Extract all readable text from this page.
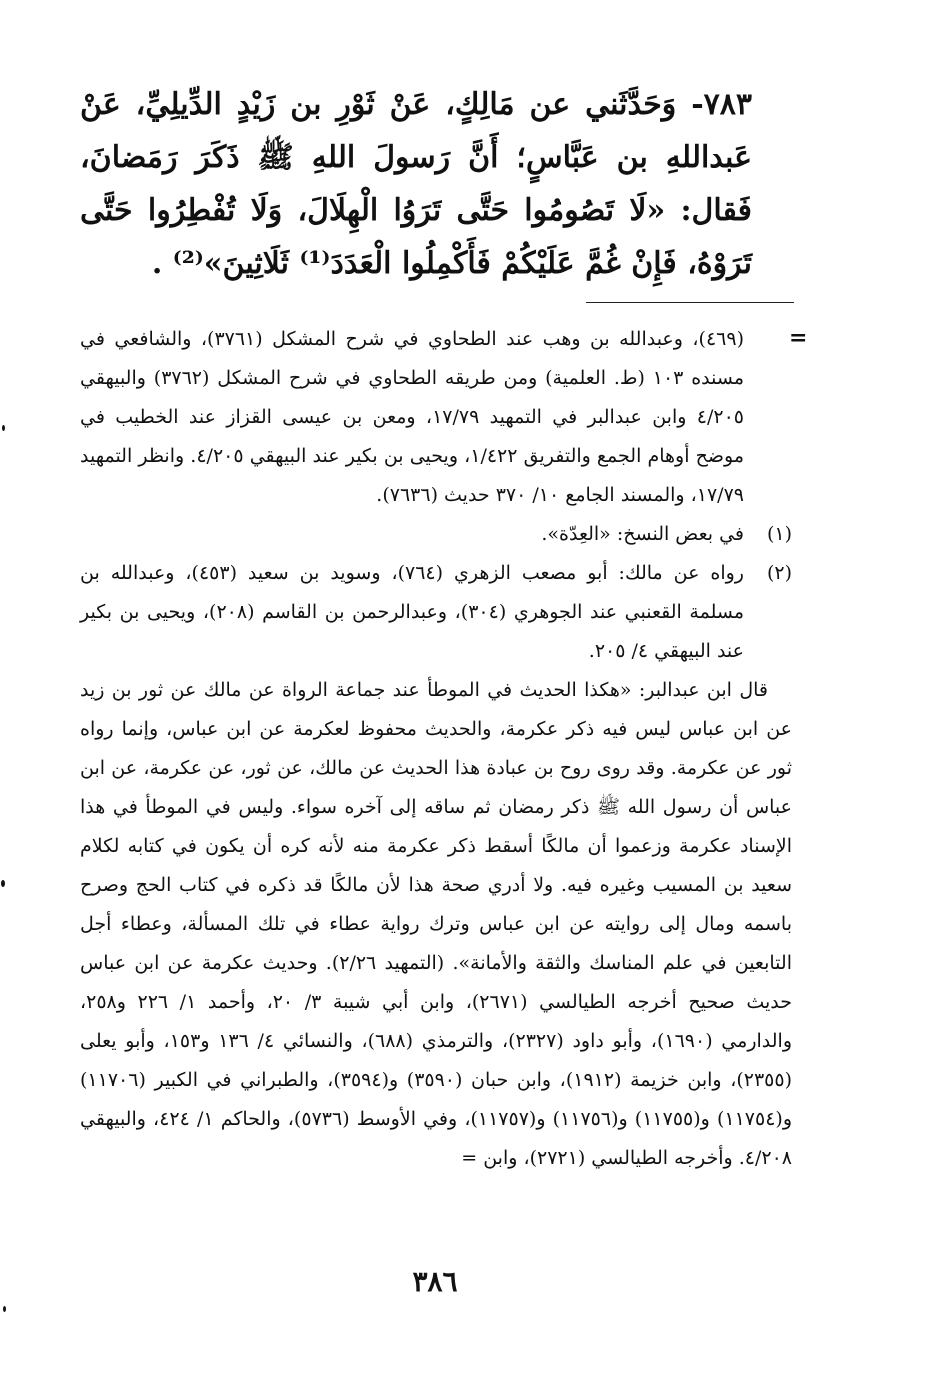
٧٨٣- وَحَدَّثَني عن مَالِكٍ، عَنْ ثَوْرِ بن زَيْدٍ الدِّيلِيِّ، عَنْ عَبداللهِ بن عَبَّاسٍ؛ أَنَّ رَسولَ اللهِ ﷺ ذَكَرَ رَمَضانَ، فَقال: «لَا تَصُومُوا حَتَّى تَرَوُا الْهِلَالَ، وَلَا تُفْطِرُوا حَتَّى تَرَوْهُ، فَإِنْ غُمَّ عَلَيْكُمْ فَأَكْمِلُوا الْعَدَدَ⁽¹⁾ ثَلَاثِينَ»⁽²⁾ .
=
(٤٦٩)، وعبدالله بن وهب عند الطحاوي في شرح المشكل (٣٧٦١)، والشافعي في مسنده ١٠٣ (ط. العلمية) ومن طريقه الطحاوي في شرح المشكل (٣٧٦٢) والبيهقي ٤/٢٠٥ وابن عبدالبر في التمهيد ١٧/٧٩، ومعن بن عيسى القزاز عند الخطيب في موضح أوهام الجمع والتفريق ١/٤٢٢، ويحيى بن بكير عند البيهقي ٤/٢٠٥. وانظر التمهيد ١٧/٧٩، والمسند الجامع ١٠/ ٣٧٠ حديث (٧٦٣٦).
(١)
في بعض النسخ: «العِدّة».
(٢)
رواه عن مالك: أبو مصعب الزهري (٧٦٤)، وسويد بن سعيد (٤٥٣)، وعبدالله بن مسلمة القعنبي عند الجوهري (٣٠٤)، وعبدالرحمن بن القاسم (٢٠٨)، ويحيى بن بكير عند البيهقي ٤/ ٢٠٥.
قال ابن عبدالبر: «هكذا الحديث في الموطأ عند جماعة الرواة عن مالك عن ثور بن زيد عن ابن عباس ليس فيه ذكر عكرمة، والحديث محفوظ لعكرمة عن ابن عباس، وإنما رواه ثور عن عكرمة. وقد روى روح بن عبادة هذا الحديث عن مالك، عن ثور، عن عكرمة، عن ابن عباس أن رسول الله ﷺ ذكر رمضان ثم ساقه إلى آخره سواء. وليس في الموطأ في هذا الإسناد عكرمة وزعموا أن مالكًا أسقط ذكر عكرمة منه لأنه كره أن يكون في كتابه لكلام سعيد بن المسيب وغيره فيه. ولا أدري صحة هذا لأن مالكًا قد ذكره في كتاب الحج وصرح باسمه ومال إلى روايته عن ابن عباس وترك رواية عطاء في تلك المسألة، وعطاء أجل التابعين في علم المناسك والثقة والأمانة». (التمهيد ٢/٢٦). وحديث عكرمة عن ابن عباس حديث صحيح أخرجه الطيالسي (٢٦٧١)، وابن أبي شيبة ٣/ ٢٠، وأحمد ١/ ٢٢٦ و٢٥٨، والدارمي (١٦٩٠)، وأبو داود (٢٣٢٧)، والترمذي (٦٨٨)، والنسائي ٤/ ١٣٦ و١٥٣، وأبو يعلى (٢٣٥٥)، وابن خزيمة (١٩١٢)، وابن حبان (٣٥٩٠) و(٣٥٩٤)، والطبراني في الكبير (١١٧٠٦) و(١١٧٥٤) و(١١٧٥٥) و(١١٧٥٦) و(١١٧٥٧)، وفي الأوسط (٥٧٣٦)، والحاكم ١/ ٤٢٤، والبيهقي ٤/٢٠٨. وأخرجه الطيالسي (٢٧٢١)، وابن =
٣٨٦
